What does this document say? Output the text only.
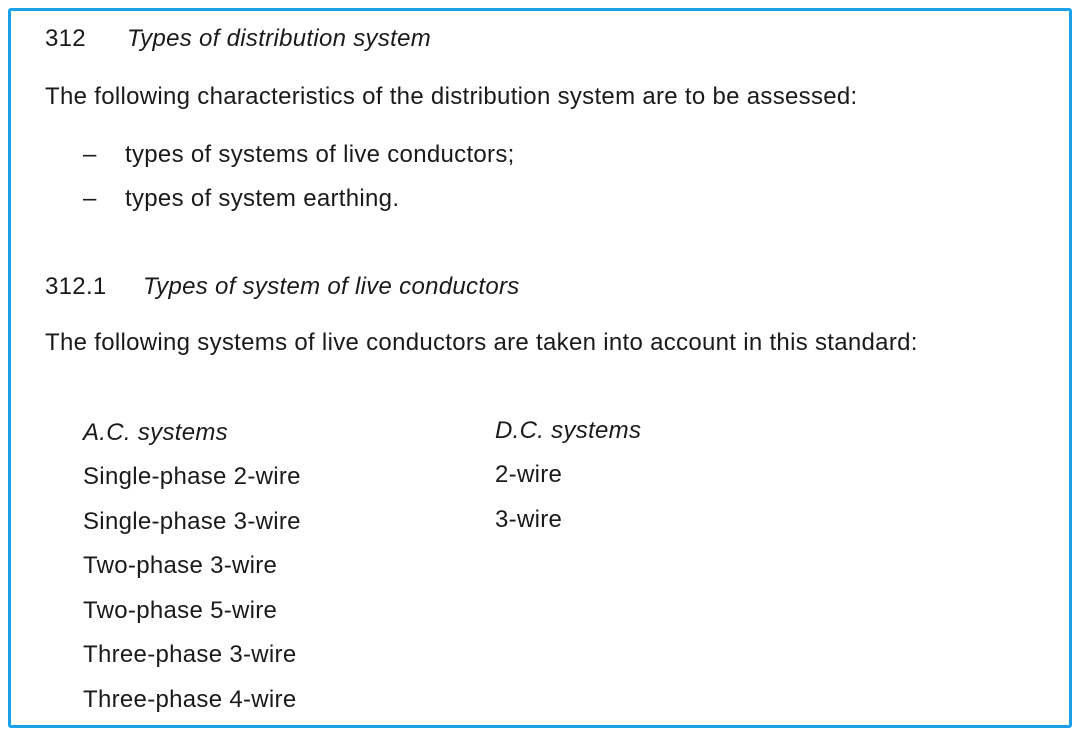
312 Types of distribution system
The following characteristics of the distribution system are to be assessed:
– types of systems of live conductors;
– types of system earthing.
312.1 Types of system of live conductors
The following systems of live conductors are taken into account in this standard:
A.C. systems
Single-phase 2-wire
Single-phase 3-wire
Two-phase 3-wire
Two-phase 5-wire
Three-phase 3-wire
Three-phase 4-wire
D.C. systems
2-wire
3-wire
